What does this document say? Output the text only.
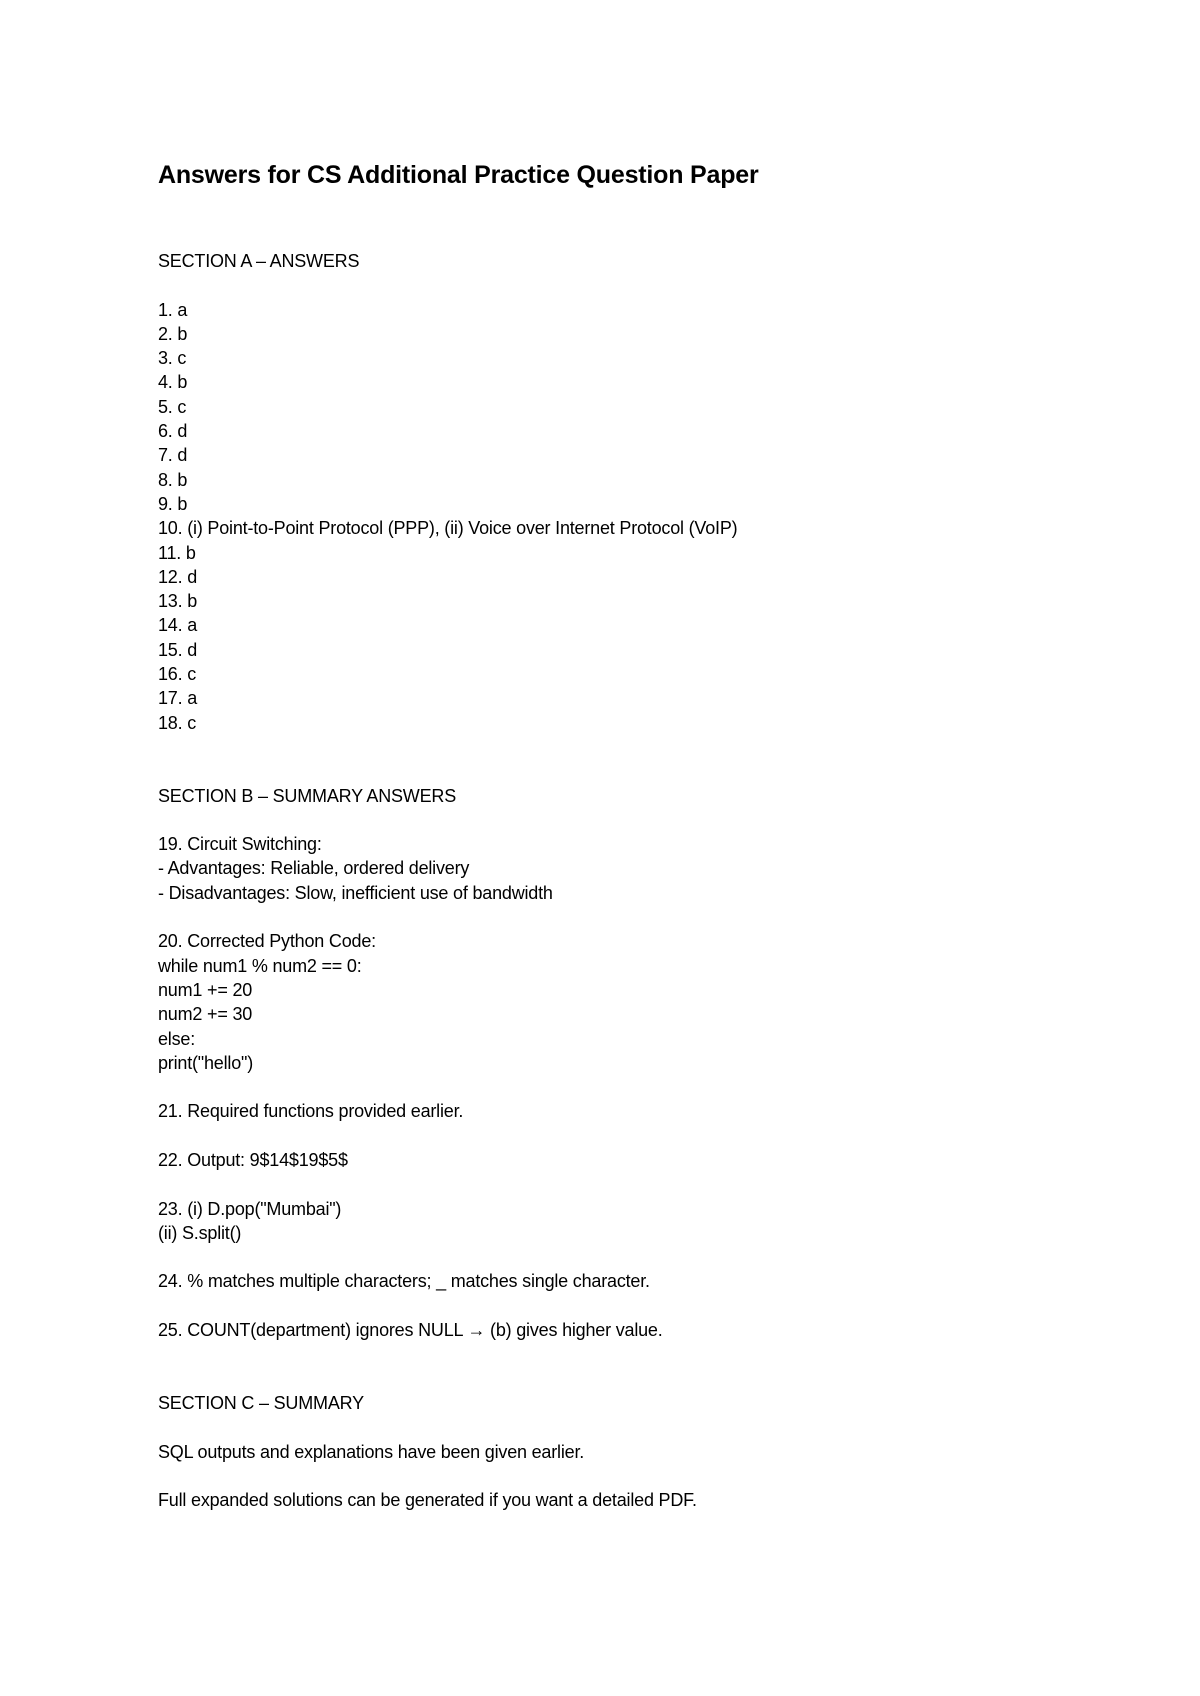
Answers for CS Additional Practice Question Paper
SECTION A – ANSWERS
1. a
2. b
3. c
4. b
5. c
6. d
7. d
8. b
9. b
10. (i) Point-to-Point Protocol (PPP), (ii) Voice over Internet Protocol (VoIP)
11. b
12. d
13. b
14. a
15. d
16. c
17. a
18. c
SECTION B – SUMMARY ANSWERS
19. Circuit Switching:
- Advantages: Reliable, ordered delivery
- Disadvantages: Slow, inefficient use of bandwidth
20. Corrected Python Code:
while num1 % num2 == 0:
num1 += 20
num2 += 30
else:
print("hello")
21. Required functions provided earlier.
22. Output: 9$14$19$5$
23. (i) D.pop("Mumbai")
(ii) S.split()
24. % matches multiple characters; _ matches single character.
25. COUNT(department) ignores NULL → (b) gives higher value.
SECTION C – SUMMARY
SQL outputs and explanations have been given earlier.
Full expanded solutions can be generated if you want a detailed PDF.
